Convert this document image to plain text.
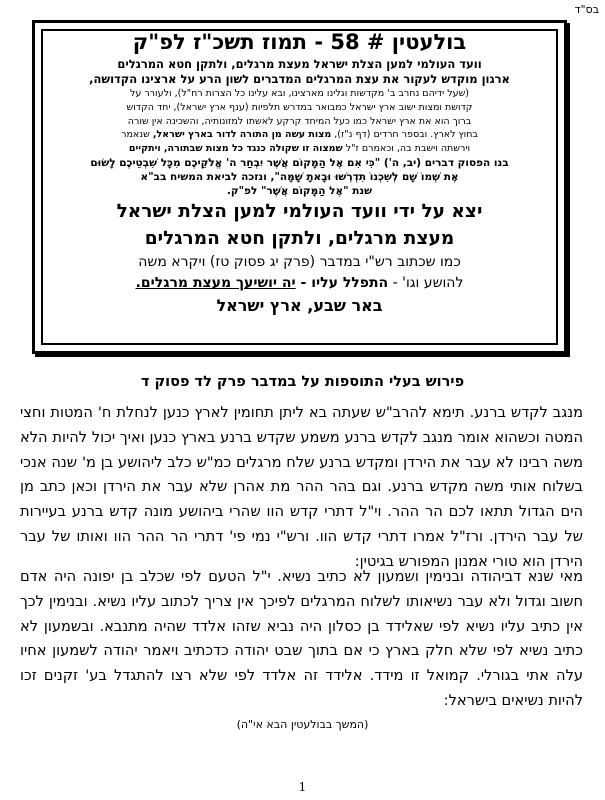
בס"ד
בולעטין # 58 - תמוז תשכ"ז לפ"ק
וועד העולמי למען הצלת ישראל מעצת מרגלים, ולתקן חטא המרגלים
ארגון מוקדש לעקור את עצת המרגלים המדברים לשון הרע על ארצינו הקדושה,
(שעל ידיהם נחרב ב' מקדשות וגלינו מארצינו, ובא עלינו כל הצרות רח"ל), ולעורר על
קדושת ומצות ישוב ארץ ישראל כמבואר במדרש תלפיות (ענף ארץ ישראל), יחד הקדוש
ברוך הוא את ארץ ישראל כמו כעל המיחד קרקע לאשתו למזונותיה, והשכינה אין שורה
בחוץ לארץ. ובספר חרדים (דף נ"ז), מצות עשה מן התורה לדור בארץ ישראל, שנאמר
וירשתה וישבת בה, וכאמרם ז"ל שמצוה זו שקולה כנגד כל מצות שבתורה, ויתקיים
בנו הפסוק דברים (יב, ה') "כִּי אִם אֶל הַמָּקוֹם אֲשֶׁר יִבְחַר ה' אֱלֹקֵיכֶם מִכָּל שִׁבְטֵיכֶם לָשׂוּם
אֶת שְׁמוֹ שָׁם לְשִׁכְנוֹ תִדְרְשׁוּ וּבָאתָ שָׁמָּה", ונזכה לביאת המשיח בב"א
שנת "אֶל הַמָּקוֹם אֲשֶׁר" לפ"ק.
יצא על ידי וועד העולמי למען הצלת ישראל
מעצת מרגלים, ולתקן חטא המרגלים
כמו שכתוב רש"י במדבר (פרק יג פסוק טז) ויקרא משה
להושע וגו' - התפלל עליו - יה יושיעך מעצת מרגלים.
באר שבע, ארץ ישראל
פירוש בעלי התוספות על במדבר פרק לד פסוק ד
מנגב לקדש ברנע. תימא להרב"ש שעתה בא ליתן תחומין לארץ כנען לנחלת ח' המטות וחצי המטה וכשהוא אומר מנגב לקדש ברנע משמע שקדש ברנע בארץ כנען ואיך יכול להיות הלא משה רבינו לא עבר את הירדן ומקדש ברנע שלח מרגלים כמ"ש כלב ליהושע בן מ' שנה אנכי בשלוח אותי משה מקדש ברנע. וגם בהר ההר מת אהרן שלא עבר את הירדן וכאן כתב מן הים הגדול תתאו לכם הר ההר. וי"ל דתרי קדש הוו שהרי ביהושע מונה קדש ברנע בעיירות של עבר הירדן. ורז"ל אמרו דתרי קדש הוו. ורש"י נמי פי' דתרי הר ההר הוו ואותו של עבר הירדן הוא טורי אמנון המפורש בגיטין:
מאי שנא דביהודה ובנימין ושמעון לא כתיב נשיא. י"ל הטעם לפי שכלב בן יפונה היה אדם חשוב וגדול ולא עבר נשיאותו לשלוח המרגלים לפיכך אין צריך לכתוב עליו נשיא. ובנימין לכך אין כתיב עליו נשיא לפי שאלידד בן כסלון היה נביא שזהו אלדד שהיה מתנבא. ובשמעון לא כתיב נשיא לפי שלא חלק בארץ כי אם בתוך שבט יהודה כדכתיב ויאמר יהודה לשמעון אחיו עלה אתי בגורלי. קמואל זו מידד. אלידד זה אלדד לפי שלא רצו להתגדל בע' זקנים זכו להיות נשיאים בישראל:
(המשך בבולעטין הבא אי"ה)
1
